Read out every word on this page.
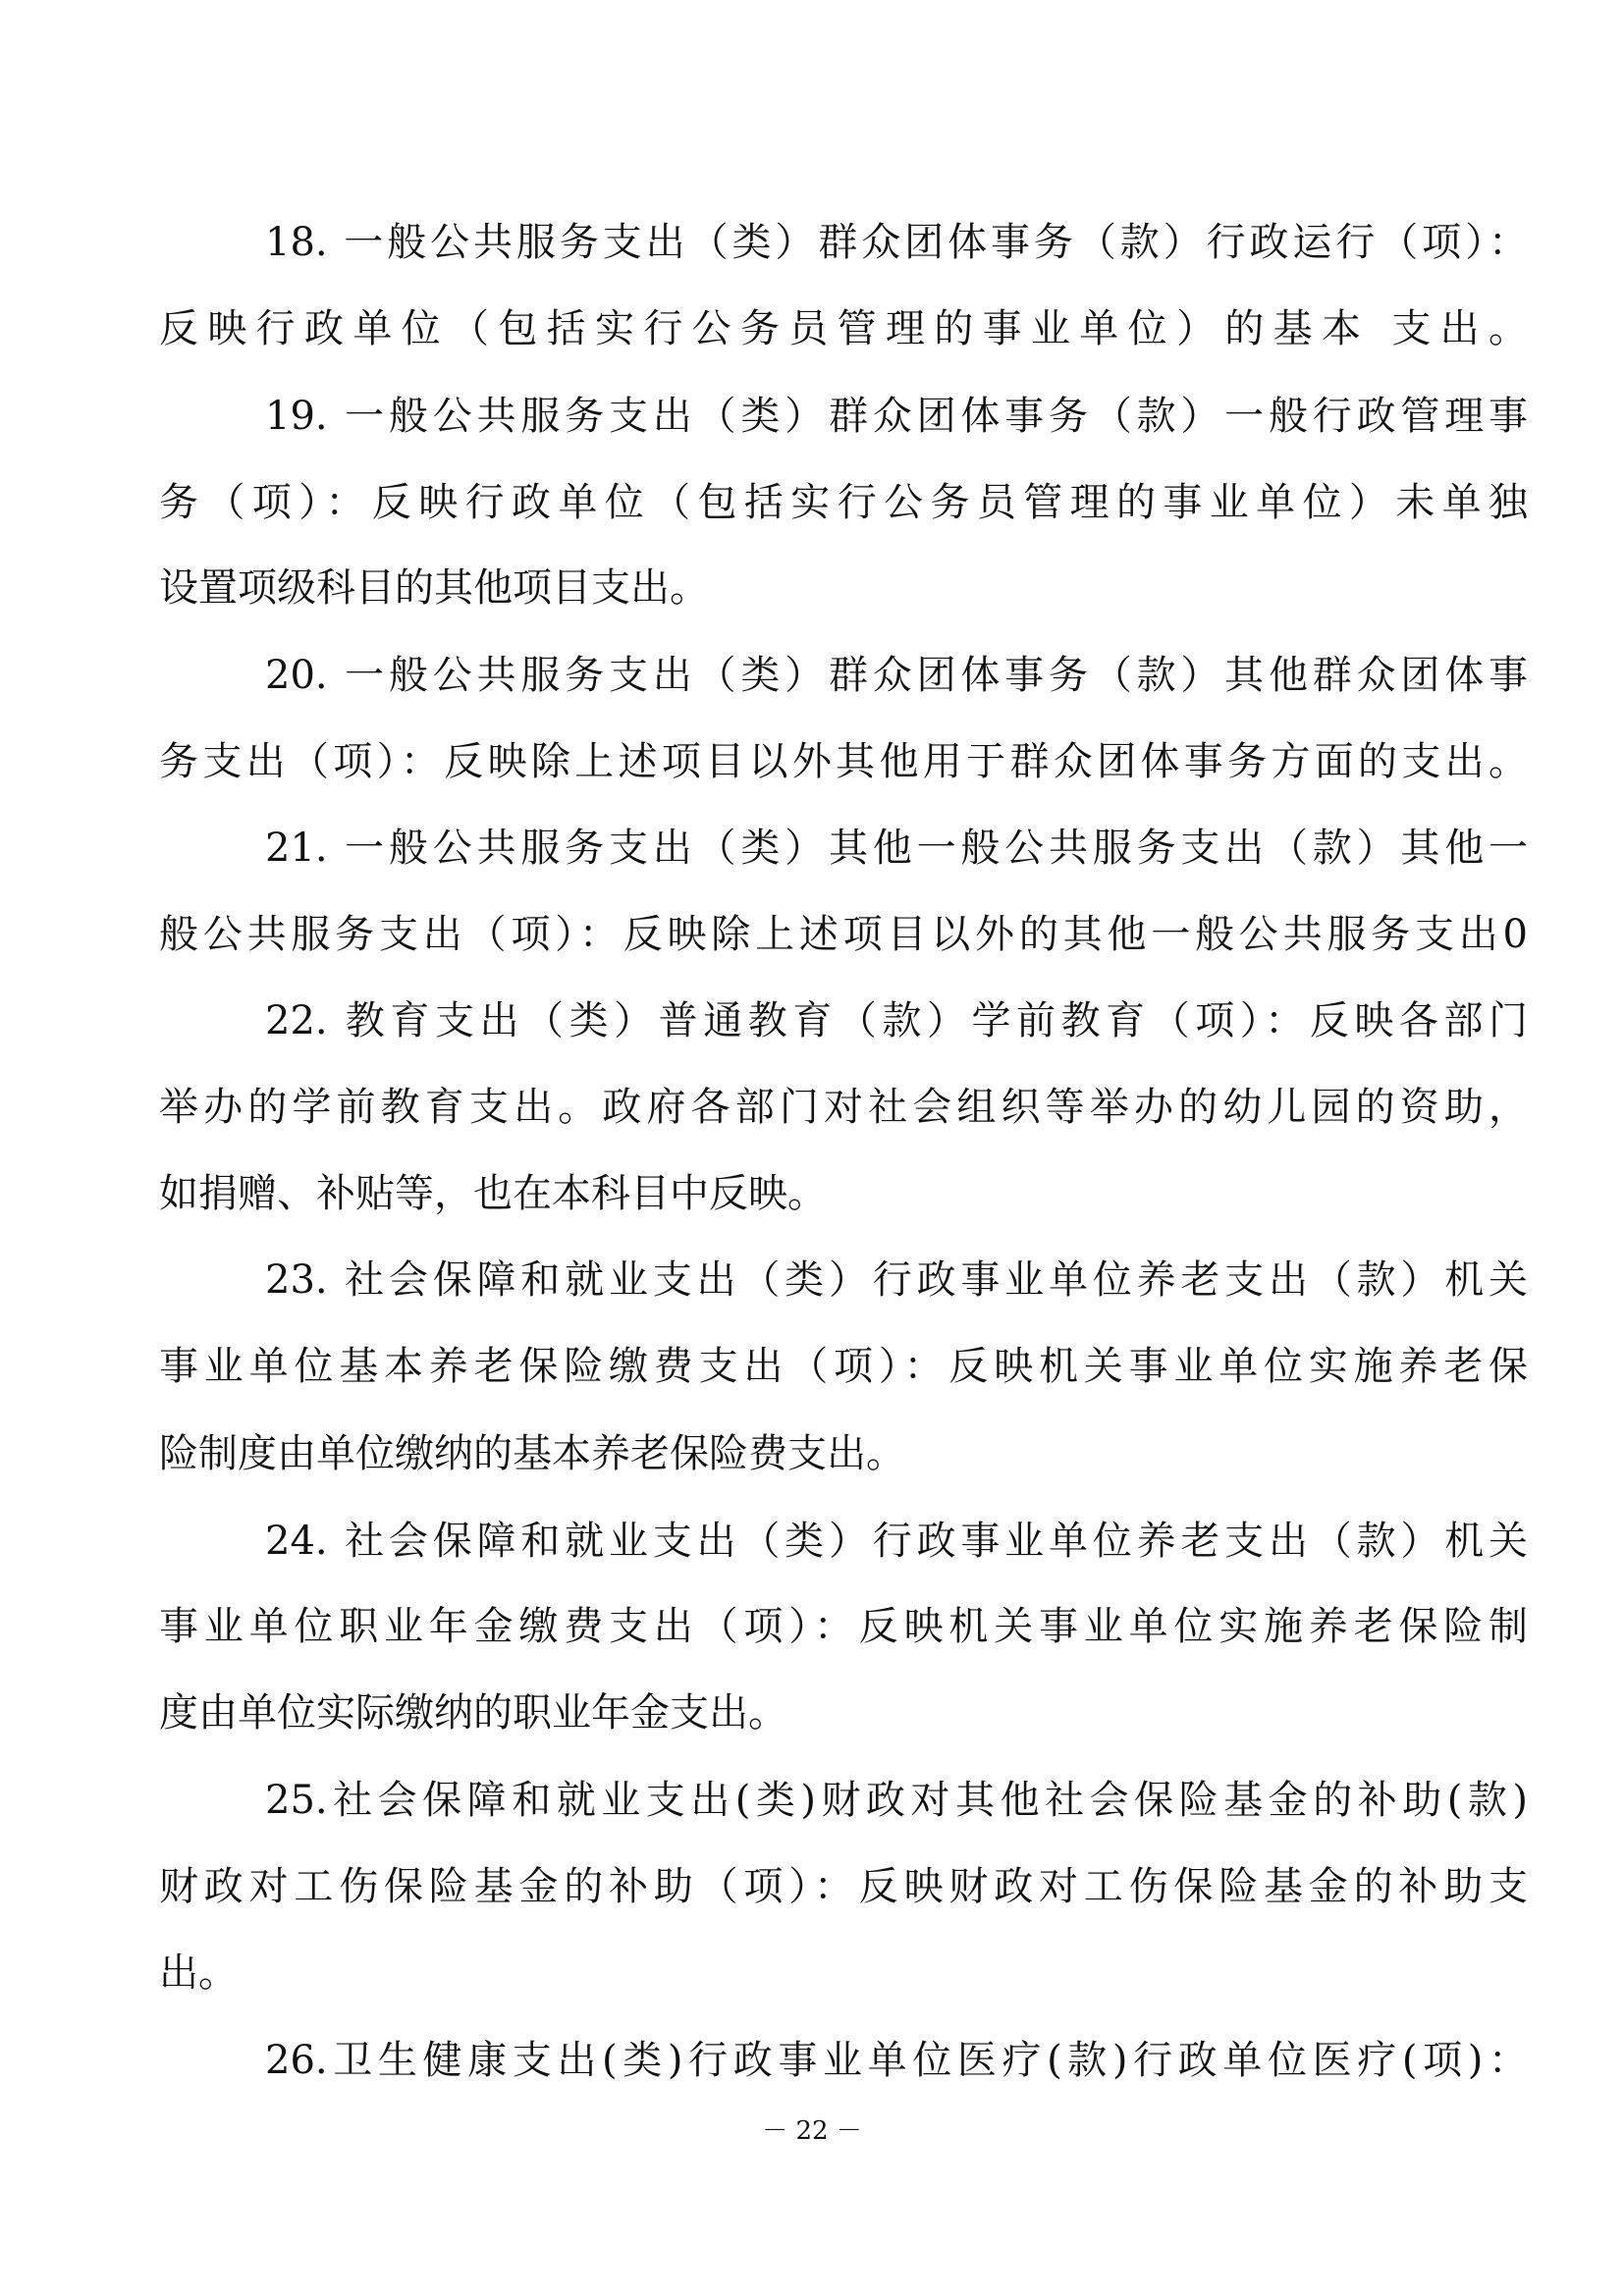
18. 一般公共服务支出（类）群众团体事务（款）行政运行（项）：
反映行政单位（包括实行公务员管理的事业单位）的基本 支出。
19. 一般公共服务支出（类）群众团体事务（款）一般行政管理事
务（项）：反映行政单位（包括实行公务员管理的事业单位）未单独
设置项级科目的其他项目支出。
20. 一般公共服务支出（类）群众团体事务（款）其他群众团体事
务支出（项）：反映除上述项目以外其他用于群众团体事务方面的支出。
21. 一般公共服务支出（类）其他一般公共服务支出（款）其他一
般公共服务支出（项）：反映除上述项目以外的其他一般公共服务支出0
22. 教育支出（类）普通教育（款）学前教育（项）：反映各部门
举办的学前教育支出。政府各部门对社会组织等举办的幼儿园的资助，
如捐赠、补贴等，也在本科目中反映。
23. 社会保障和就业支出（类）行政事业单位养老支出（款）机关
事业单位基本养老保险缴费支出（项）：反映机关事业单位实施养老保
险制度由单位缴纳的基本养老保险费支出。
24. 社会保障和就业支出（类）行政事业单位养老支出（款）机关
事业单位职业年金缴费支出（项）：反映机关事业单位实施养老保险制
度由单位实际缴纳的职业年金支出。
25.社会保障和就业支出(类)财政对其他社会保险基金的补助(款)
财政对工伤保险基金的补助（项）：反映财政对工伤保险基金的补助支
出。
26.卫生健康支出(类)行政事业单位医疗(款)行政单位医疗(项)：
－ 22 －
